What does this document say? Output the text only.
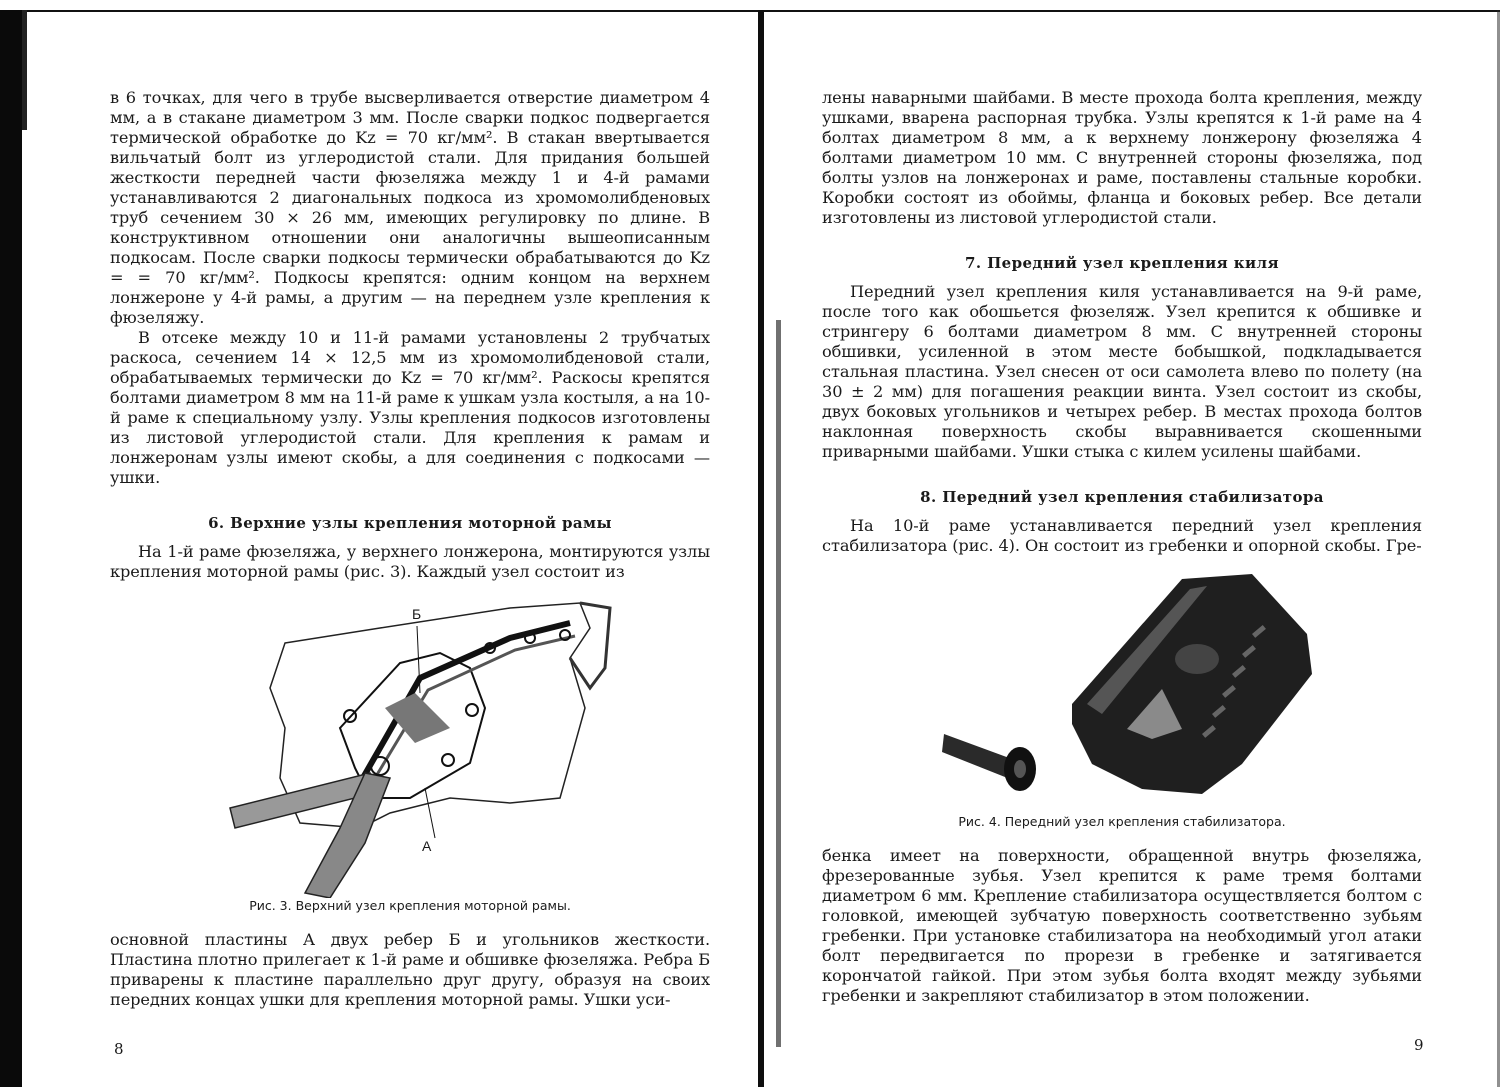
в 6 точках, для чего в трубе высверливается отверстие диаметром 4 мм, а в стакане диаметром 3 мм. После сварки подкос подвергается термической обработке до Kz = 70 кг/мм². В стакан ввертывается вильчатый болт из углеродистой стали. Для придания большей жесткости передней части фюзеляжа между 1 и 4-й рамами устанавливаются 2 диагональных подкоса из хромомолибденовых труб сечением 30 × 26 мм, имеющих регулировку по длине. В конструктивном отношении они аналогичны вышеописанным подкосам. После сварки подкосы термически обрабатываются до Kz = = 70 кг/мм². Подкосы крепятся: одним концом на верхнем лонжероне у 4-й рамы, а другим — на переднем узле крепления к фюзеляжу.

В отсеке между 10 и 11-й рамами установлены 2 трубчатых раскоса, сечением 14 × 12,5 мм из хромомолибденовой стали, обрабатываемых термически до Kz = 70 кг/мм². Раскосы крепятся болтами диаметром 8 мм на 11-й раме к ушкам узла костыля, а на 10-й раме к специальному узлу. Узлы крепления подкосов изготовлены из листовой углеродистой стали. Для крепления к рамам и лонжеронам узлы имеют скобы, а для соединения с подкосами — ушки.

6. Верхние узлы крепления моторной рамы

На 1-й раме фюзеляжа, у верхнего лонжерона, монтируются узлы крепления моторной рамы (рис. 3). Каждый узел состоит из

Б
А

Рис. 3. Верхний узел крепления моторной рамы.

основной пластины А двух ребер Б и угольников жесткости. Пластина плотно прилегает к 1-й раме и обшивке фюзеляжа. Ребра Б приварены к пластине параллельно друг другу, образуя на своих передних концах ушки для крепления моторной рамы. Ушки уси-

8

лены наварными шайбами. В месте прохода болта крепления, между ушками, вварена распорная трубка. Узлы крепятся к 1-й раме на 4 болтах диаметром 8 мм, а к верхнему лонжерону фюзеляжа 4 болтами диаметром 10 мм. С внутренней стороны фюзеляжа, под болты узлов на лонжеронах и раме, поставлены стальные коробки. Коробки состоят из обоймы, фланца и боковых ребер. Все детали изготовлены из листовой углеродистой стали.

7. Передний узел крепления киля

Передний узел крепления киля устанавливается на 9-й раме, после того как обошьется фюзеляж. Узел крепится к обшивке и стрингеру 6 болтами диаметром 8 мм. С внутренней стороны обшивки, усиленной в этом месте бобышкой, подкладывается стальная пластина. Узел снесен от оси самолета влево по полету (на 30 ± 2 мм) для погашения реакции винта. Узел состоит из скобы, двух боковых угольников и четырех ребер. В местах прохода болтов наклонная поверхность скобы выравнивается скошенными приварными шайбами. Ушки стыка с килем усилены шайбами.

8. Передний узел крепления стабилизатора

На 10-й раме устанавливается передний узел крепления стабилизатора (рис. 4). Он состоит из гребенки и опорной скобы. Гре-

Рис. 4. Передний узел крепления стабилизатора.

бенка имеет на поверхности, обращенной внутрь фюзеляжа, фрезерованные зубья. Узел крепится к раме тремя болтами диаметром 6 мм. Крепление стабилизатора осуществляется болтом с головкой, имеющей зубчатую поверхность соответственно зубьям гребенки. При установке стабилизатора на необходимый угол атаки болт передвигается по прорези в гребенке и затягивается корончатой гайкой. При этом зубья болта входят между зубьями гребенки и закрепляют стабилизатор в этом положении.

9
